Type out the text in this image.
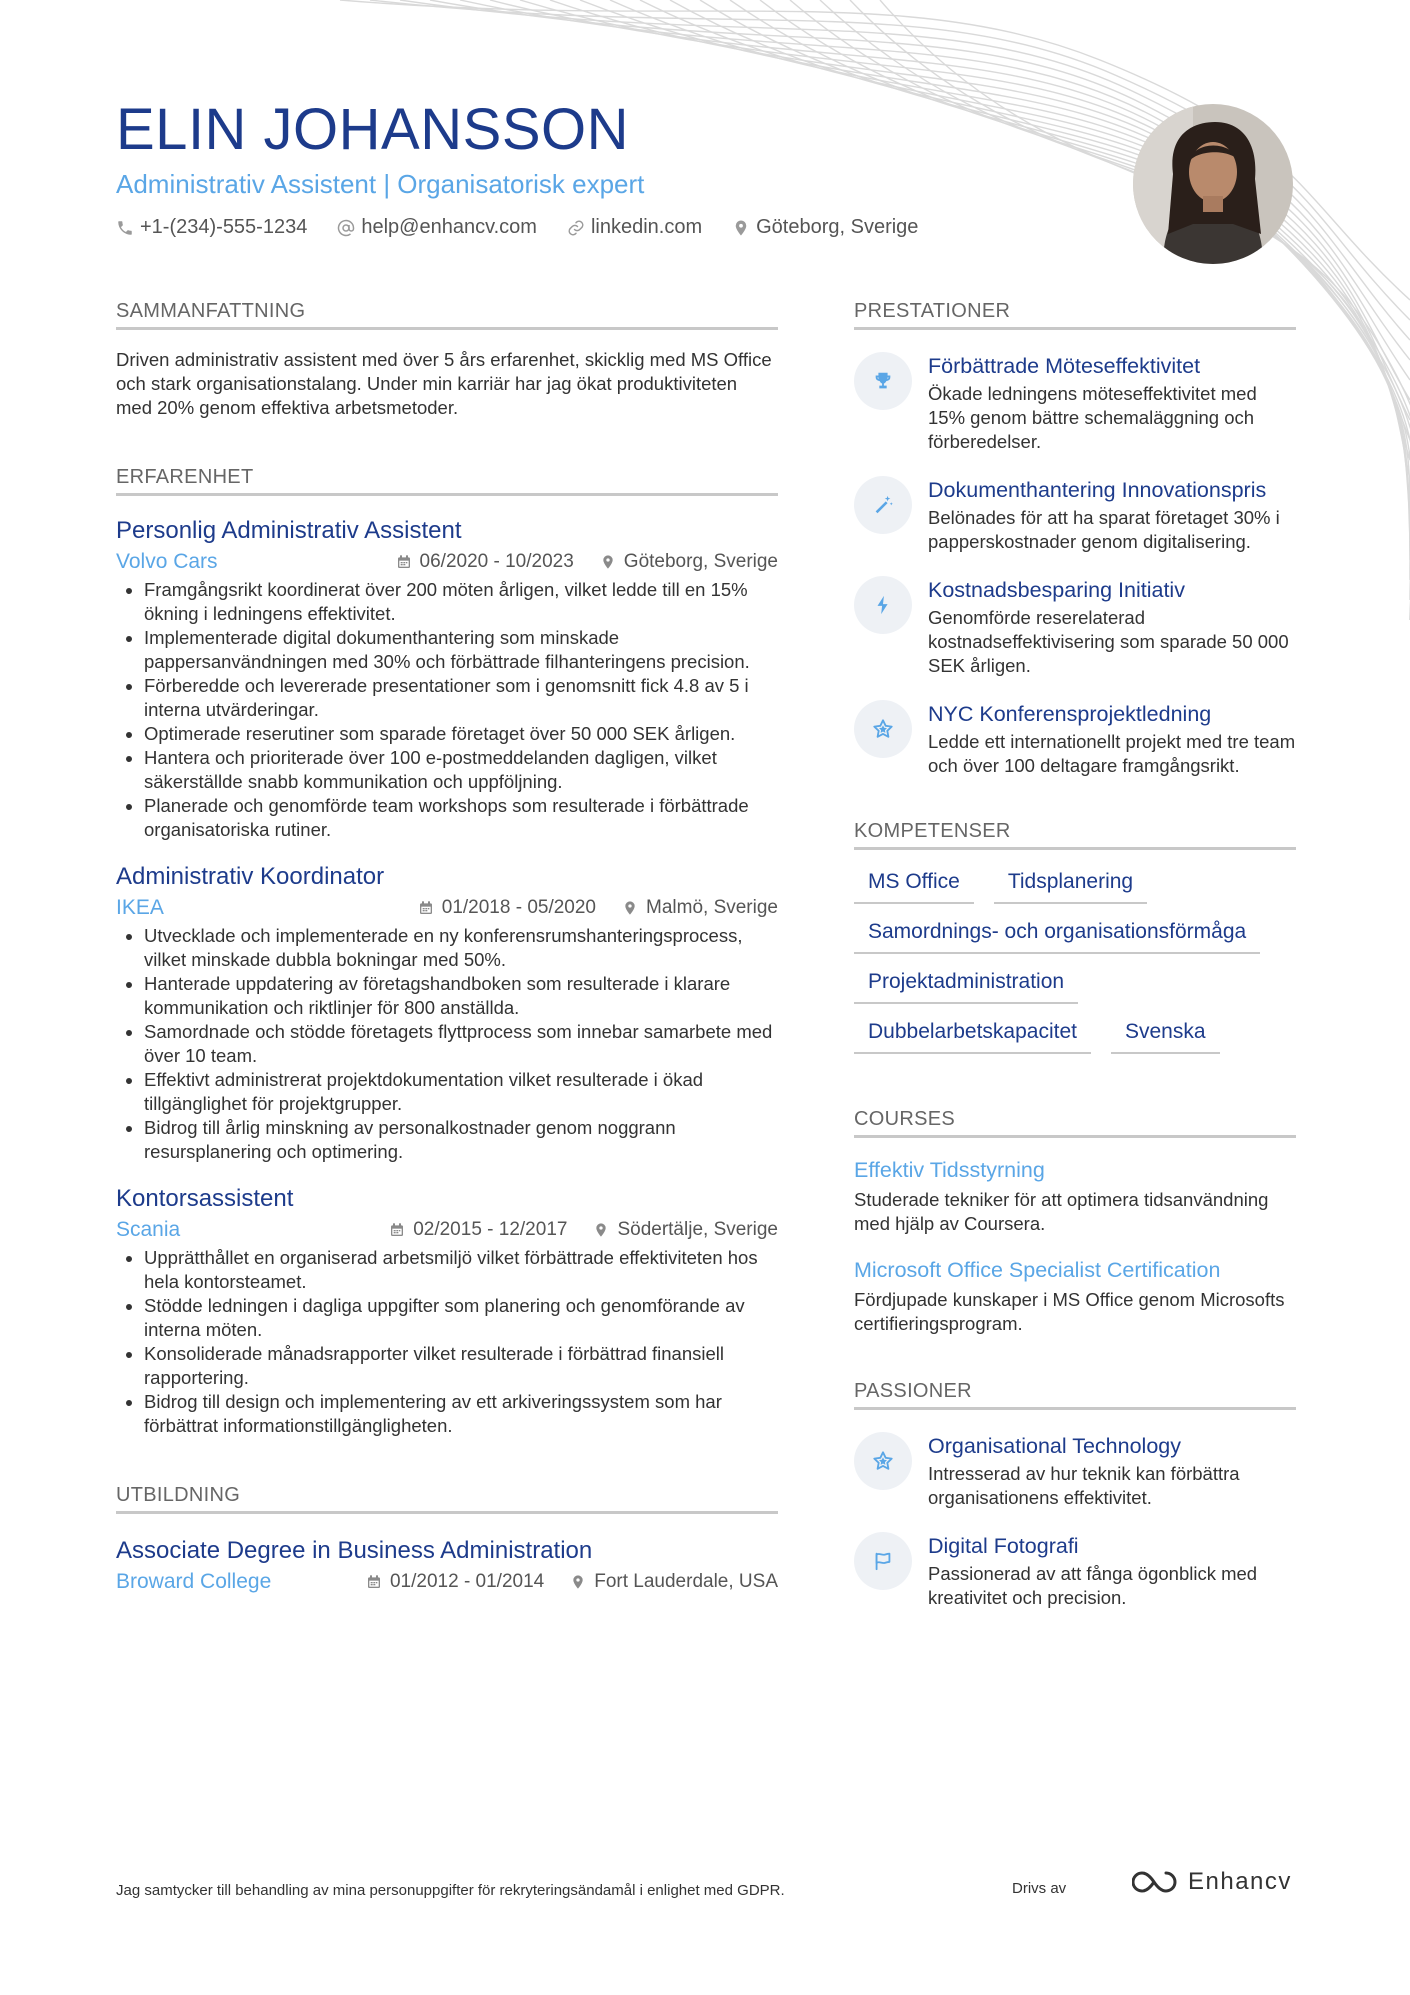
ELIN JOHANSSON
Administrativ Assistent | Organisatorisk expert
+1-(234)-555-1234	help@enhancv.com	linkedin.com	Göteborg, Sverige
SAMMANFATTNING
Driven administrativ assistent med över 5 års erfarenhet, skicklig med MS Office och stark organisationstalang. Under min karriär har jag ökat produktiviteten med 20% genom effektiva arbetsmetoder.
ERFARENHET
Personlig Administrativ Assistent
Volvo Cars	06/2020 - 10/2023	Göteborg, Sverige
• Framgångsrikt koordinerat över 200 möten årligen, vilket ledde till en 15% ökning i ledningens effektivitet.
• Implementerade digital dokumenthantering som minskade pappersanvändningen med 30% och förbättrade filhanteringens precision.
• Förberedde och levererade presentationer som i genomsnitt fick 4.8 av 5 i interna utvärderingar.
• Optimerade reserutiner som sparade företaget över 50 000 SEK årligen.
• Hantera och prioriterade över 100 e-postmeddelanden dagligen, vilket säkerställde snabb kommunikation och uppföljning.
• Planerade och genomförde team workshops som resulterade i förbättrade organisatoriska rutiner.
Administrativ Koordinator
IKEA	01/2018 - 05/2020	Malmö, Sverige
• Utvecklade och implementerade en ny konferensrumshanteringsprocess, vilket minskade dubbla bokningar med 50%.
• Hanterade uppdatering av företagshandboken som resulterade i klarare kommunikation och riktlinjer för 800 anställda.
• Samordnade och stödde företagets flyttprocess som innebar samarbete med över 10 team.
• Effektivt administrerat projektdokumentation vilket resulterade i ökad tillgänglighet för projektgrupper.
• Bidrog till årlig minskning av personalkostnader genom noggrann resursplanering och optimering.
Kontorsassistent
Scania	02/2015 - 12/2017	Södertälje, Sverige
• Upprätthållet en organiserad arbetsmiljö vilket förbättrade effektiviteten hos hela kontorsteamet.
• Stödde ledningen i dagliga uppgifter som planering och genomförande av interna möten.
• Konsoliderade månadsrapporter vilket resulterade i förbättrad finansiell rapportering.
• Bidrog till design och implementering av ett arkiveringssystem som har förbättrat informationstillgängligheten.
UTBILDNING
Associate Degree in Business Administration
Broward College	01/2012 - 01/2014	Fort Lauderdale, USA
PRESTATIONER
Förbättrade Möteseffektivitet
Ökade ledningens möteseffektivitet med 15% genom bättre schemaläggning och förberedelser.
Dokumenthantering Innovationspris
Belönades för att ha sparat företaget 30% i papperskostnader genom digitalisering.
Kostnadsbesparing Initiativ
Genomförde reserelaterad kostnadseffektivisering som sparade 50 000 SEK årligen.
NYC Konferensprojektledning
Ledde ett internationellt projekt med tre team och över 100 deltagare framgångsrikt.
KOMPETENSER
MS Office	Tidsplanering
Samordnings- och organisationsförmåga
Projektadministration
Dubbelarbetskapacitet	Svenska
COURSES
Effektiv Tidsstyrning
Studerade tekniker för att optimera tidsanvändning med hjälp av Coursera.
Microsoft Office Specialist Certification
Fördjupade kunskaper i MS Office genom Microsofts certifieringsprogram.
PASSIONER
Organisational Technology
Intresserad av hur teknik kan förbättra organisationens effektivitet.
Digital Fotografi
Passionerad av att fånga ögonblick med kreativitet och precision.
Jag samtycker till behandling av mina personuppgifter för rekryteringsändamål i enlighet med GDPR.	Drivs av	Enhancv
